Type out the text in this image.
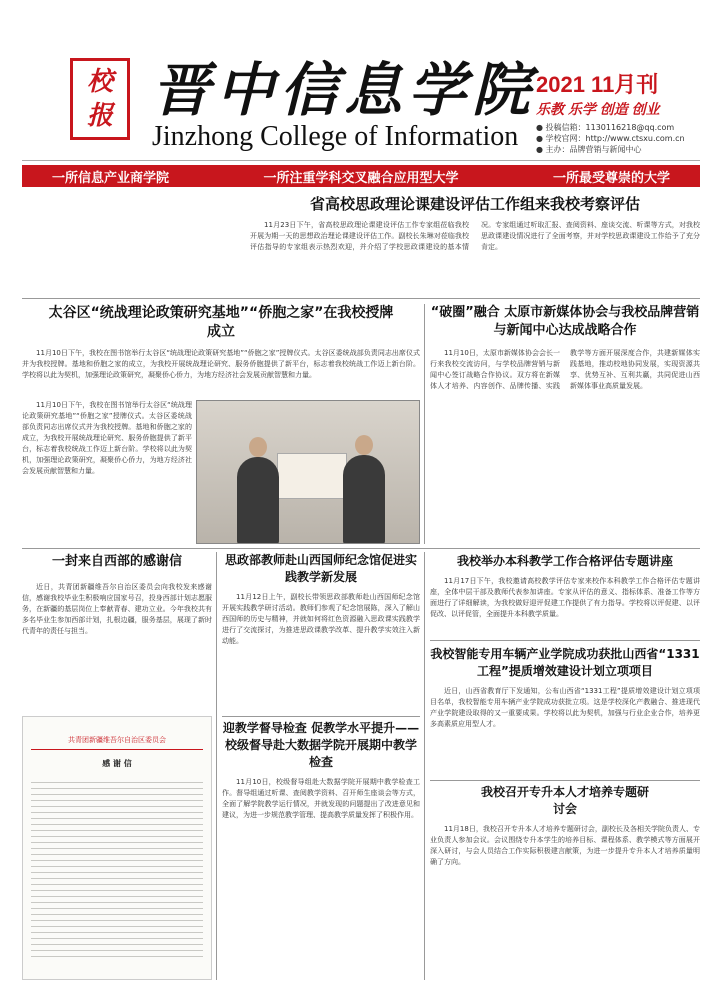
校
报 晋中信息学院
Jinzhong College of Information
2021 11月刊
乐教 乐学 创造 创业
● 投稿信箱：1130116218@qq.com
● 学校官网：http://www.ctsxu.com.cn
● 主办：品牌营销与新闻中心
一所信息产业商学院	一所注重学科交叉融合应用型大学	一所最受尊崇的大学
省高校思政理论课建设评估工作组来我校考察评估
11月23日下午，省高校思政理论课建设评估工作专家组莅临我校开展为期一天的思想政治理论课建设评估工作。副校长朱琳对莅临我校评估指导的专家组表示热烈欢迎，并介绍了学校思政课建设的基本情况。专家组通过听取汇报、查阅资料、座谈交流、听课等方式，对我校思政课建设情况进行了全面考察，并对学校思政课建设工作给予了充分肯定。
太谷区“统战理论政策研究基地”“侨胞之家”在我校授牌成立
11月10日下午，我校在图书馆举行太谷区“统战理论政策研究基地”“侨胞之家”授牌仪式。太谷区委统战部负责同志出席仪式并为我校授牌。基地和侨胞之家的成立，为我校开展统战理论研究、服务侨胞提供了新平台，标志着我校统战工作迈上新台阶。学校将以此为契机，加强理论政策研究，凝聚侨心侨力，为地方经济社会发展贡献智慧和力量。
11月10日下午，我校在图书馆举行太谷区“统战理论政策研究基地”“侨胞之家”授牌仪式。太谷区委统战部负责同志出席仪式并为我校授牌。基地和侨胞之家的成立，为我校开展统战理论研究、服务侨胞提供了新平台，标志着我校统战工作迈上新台阶。学校将以此为契机，加强理论政策研究，凝聚侨心侨力，为地方经济社会发展贡献智慧和力量。
“破圈”融合 太原市新媒体协会与我校品牌营销与新闻中心达成战略合作
11月10日，太原市新媒体协会会长一行来我校交流访问，与学校品牌营销与新闻中心签订战略合作协议。双方将在新媒体人才培养、内容创作、品牌传播、实践教学等方面开展深度合作，共建新媒体实践基地，推动校地协同发展，实现资源共享、优势互补、互利共赢，共同促进山西新媒体事业高质量发展。
一封来自西部的感谢信
近日，共青团新疆维吾尔自治区委员会向我校发来感谢信，感谢我校毕业生积极响应国家号召，投身西部计划志愿服务，在新疆的基层岗位上奉献青春、建功立业。今年我校共有多名毕业生参加西部计划，扎根边疆，服务基层，展现了新时代青年的责任与担当。
共青团新疆维吾尔自治区委员会
感 谢 信
思政部教师赴山西国师纪念馆促进实践教学新发展
11月12日上午，副校长带领思政部教师赴山西国师纪念馆开展实践教学研讨活动。教师们参观了纪念馆展陈，深入了解山西国师的历史与精神，并就如何将红色资源融入思政课实践教学进行了交流探讨，为推进思政课教学改革、提升教学实效注入新动能。
我校举办本科教学工作合格评估专题讲座
11月17日下午，我校邀请高校教学评估专家来校作本科教学工作合格评估专题讲座，全体中层干部及教师代表参加讲座。专家从评估的意义、指标体系、准备工作等方面进行了详细解读，为我校做好迎评促建工作提供了有力指导。学校将以评促建、以评促改、以评促管，全面提升本科教学质量。
我校智能专用车辆产业学院成功获批山西省“1331工程”提质增效建设计划立项项目
近日，山西省教育厅下发通知，公布山西省“1331工程”提质增效建设计划立项项目名单，我校智能专用车辆产业学院成功获批立项。这是学校深化产教融合、推进现代产业学院建设取得的又一重要成果。学校将以此为契机，加强与行业企业合作，培养更多高素质应用型人才。
迎教学督导检查 促教学水平提升——校级督导赴大数据学院开展期中教学检查
11月10日，校级督导组赴大数据学院开展期中教学检查工作。督导组通过听课、查阅教学资料、召开师生座谈会等方式，全面了解学院教学运行情况，并就发现的问题提出了改进意见和建议，为进一步规范教学管理、提高教学质量发挥了积极作用。
我校召开专升本人才培养专题研讨会
11月18日，我校召开专升本人才培养专题研讨会，副校长及各相关学院负责人、专业负责人参加会议。会议围绕专升本学生的培养目标、课程体系、教学模式等方面展开深入研讨，与会人员结合工作实际积极建言献策，为进一步提升专升本人才培养质量明确了方向。
